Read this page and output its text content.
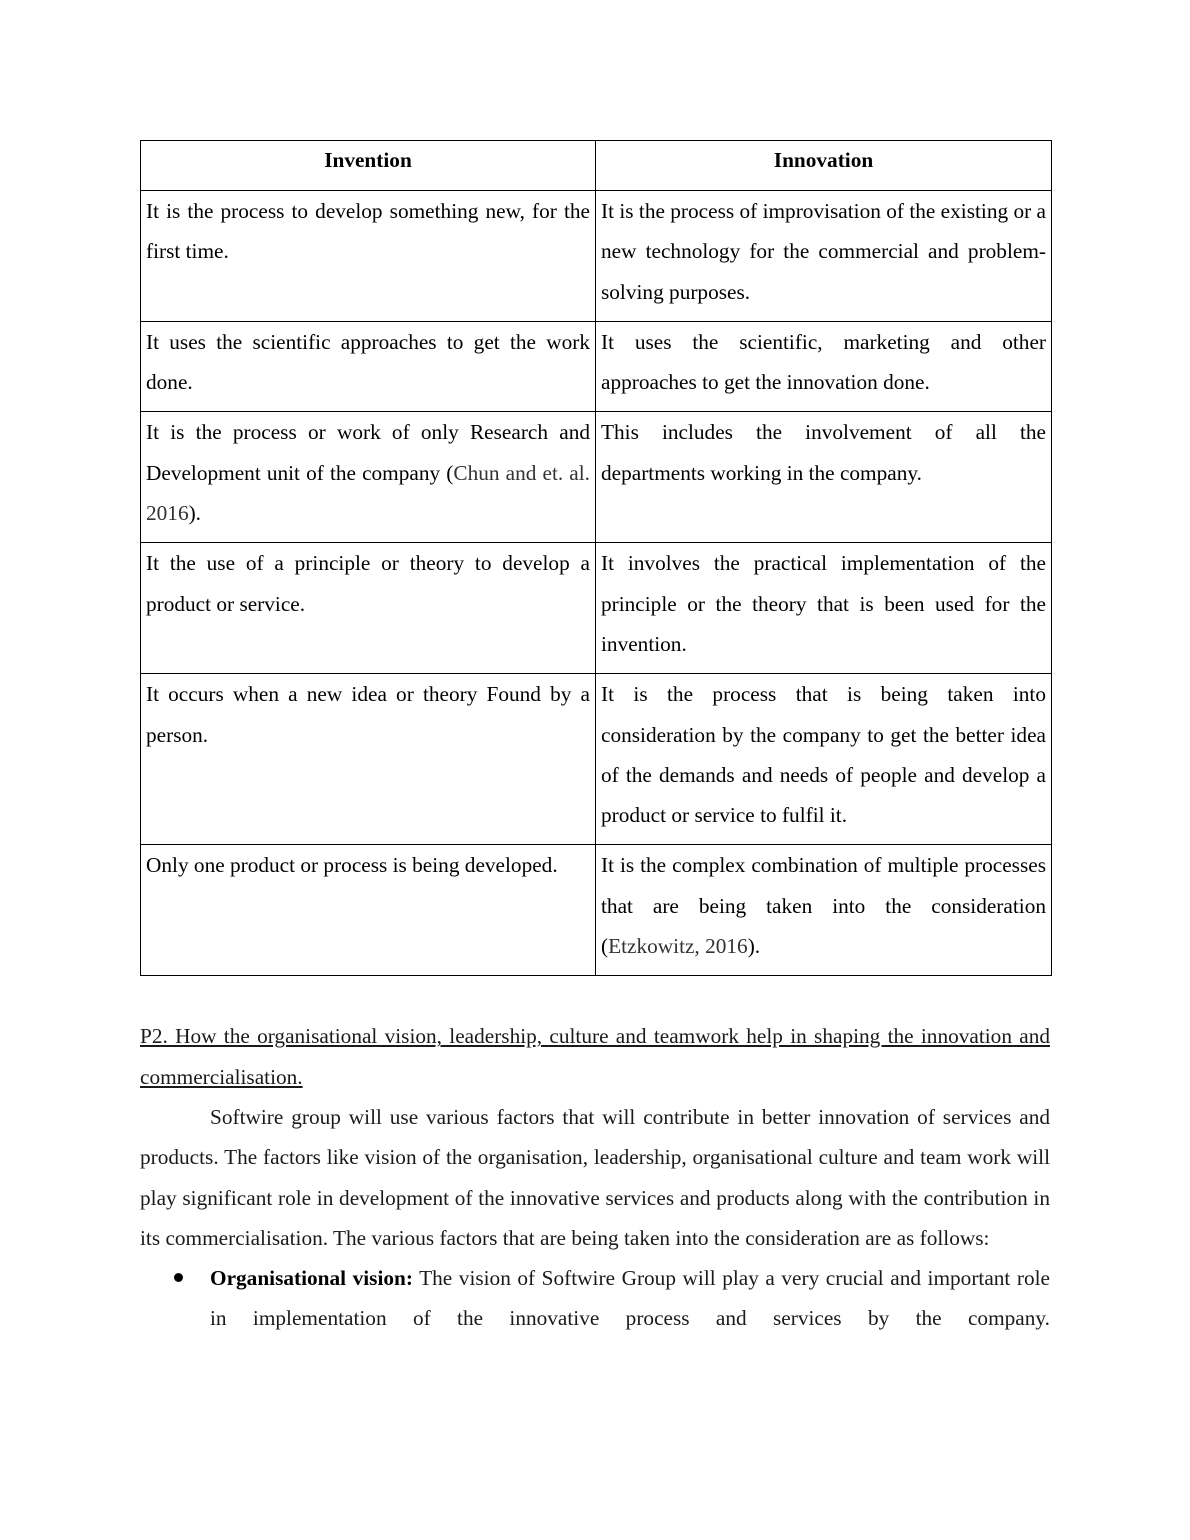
Invention	Innovation
It is the process to develop something new, for the first time.	It is the process of improvisation of the existing or a new technology for the commercial and problem-solving purposes.
It uses the scientific approaches to get the work done.	It uses the scientific, marketing and other approaches to get the innovation done.
It is the process or work of only Research and Development unit of the company (Chun and et. al. 2016).	This includes the involvement of all the departments working in the company.
It the use of a principle or theory to develop a product or service.	It involves the practical implementation of the principle or the theory that is been used for the invention.
It occurs when a new idea or theory Found by a person.	It is the process that is being taken into consideration by the company to get the better idea of the demands and needs of people and develop a product or service to fulfil it.
Only one product or process is being developed.	It is the complex combination of multiple processes that are being taken into the consideration (Etzkowitz, 2016).
P2. How the organisational vision, leadership, culture and teamwork help in shaping the innovation and commercialisation.

Softwire group will use various factors that will contribute in better innovation of services and products. The factors like vision of the organisation, leadership, organisational culture and team work will play significant role in development of the innovative services and products along with the contribution in its commercialisation. The various factors that are being taken into the consideration are as follows:

Organisational vision: The vision of Softwire Group will play a very crucial and important role in implementation of the innovative process and services by the company.
